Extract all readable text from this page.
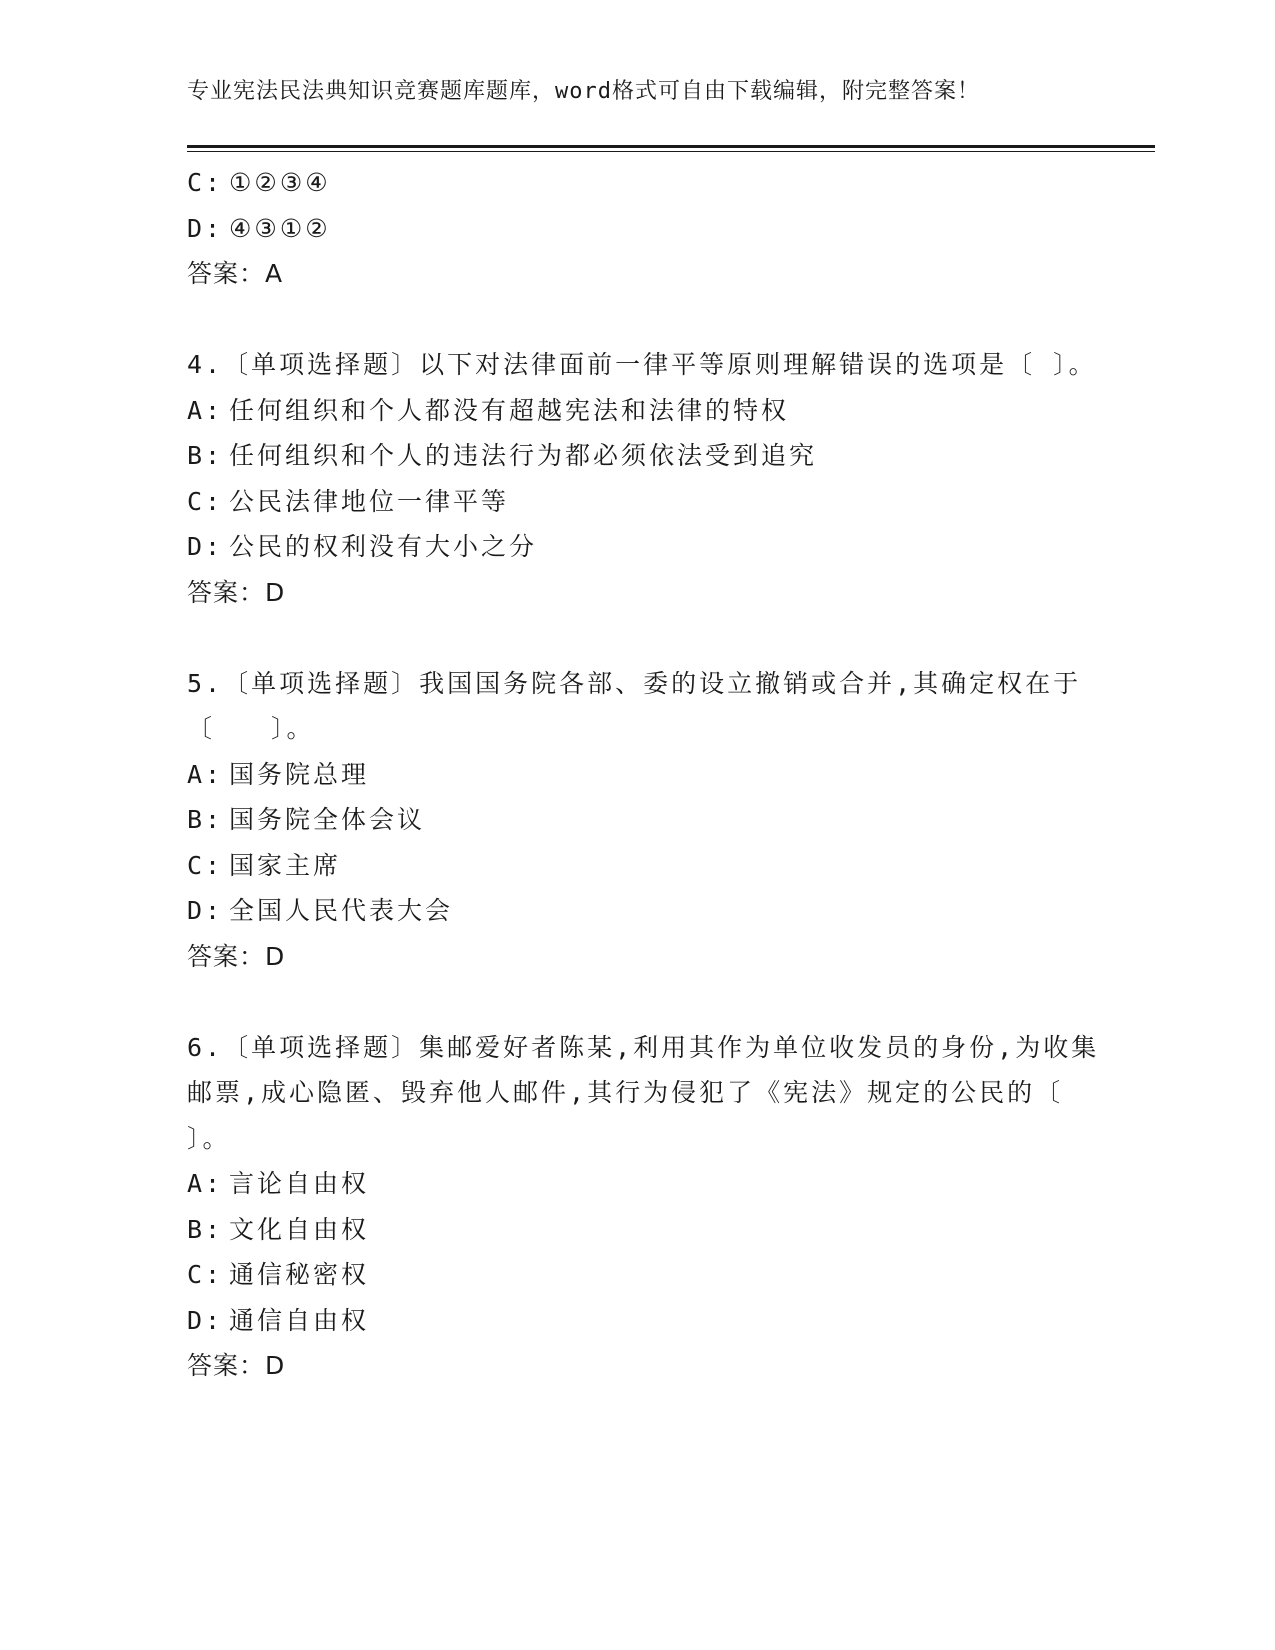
专业宪法民法典知识竞赛题库题库，word格式可自由下载编辑，附完整答案！
C: ①②③④
D: ④③①②
答案：A
4.〔单项选择题〕以下对法律面前一律平等原则理解错误的选项是〔 〕。
A: 任何组织和个人都没有超越宪法和法律的特权
B: 任何组织和个人的违法行为都必须依法受到追究
C: 公民法律地位一律平等
D: 公民的权利没有大小之分
答案：D
5.〔单项选择题〕我国国务院各部、委的设立撤销或合并,其确定权在于〔　　〕。
A: 国务院总理
B: 国务院全体会议
C: 国家主席
D: 全国人民代表大会
答案：D
6.〔单项选择题〕集邮爱好者陈某,利用其作为单位收发员的身份,为收集邮票,成心隐匿、毁弃他人邮件,其行为侵犯了《宪法》规定的公民的〔　　〕。
A: 言论自由权
B: 文化自由权
C: 通信秘密权
D: 通信自由权
答案：D
